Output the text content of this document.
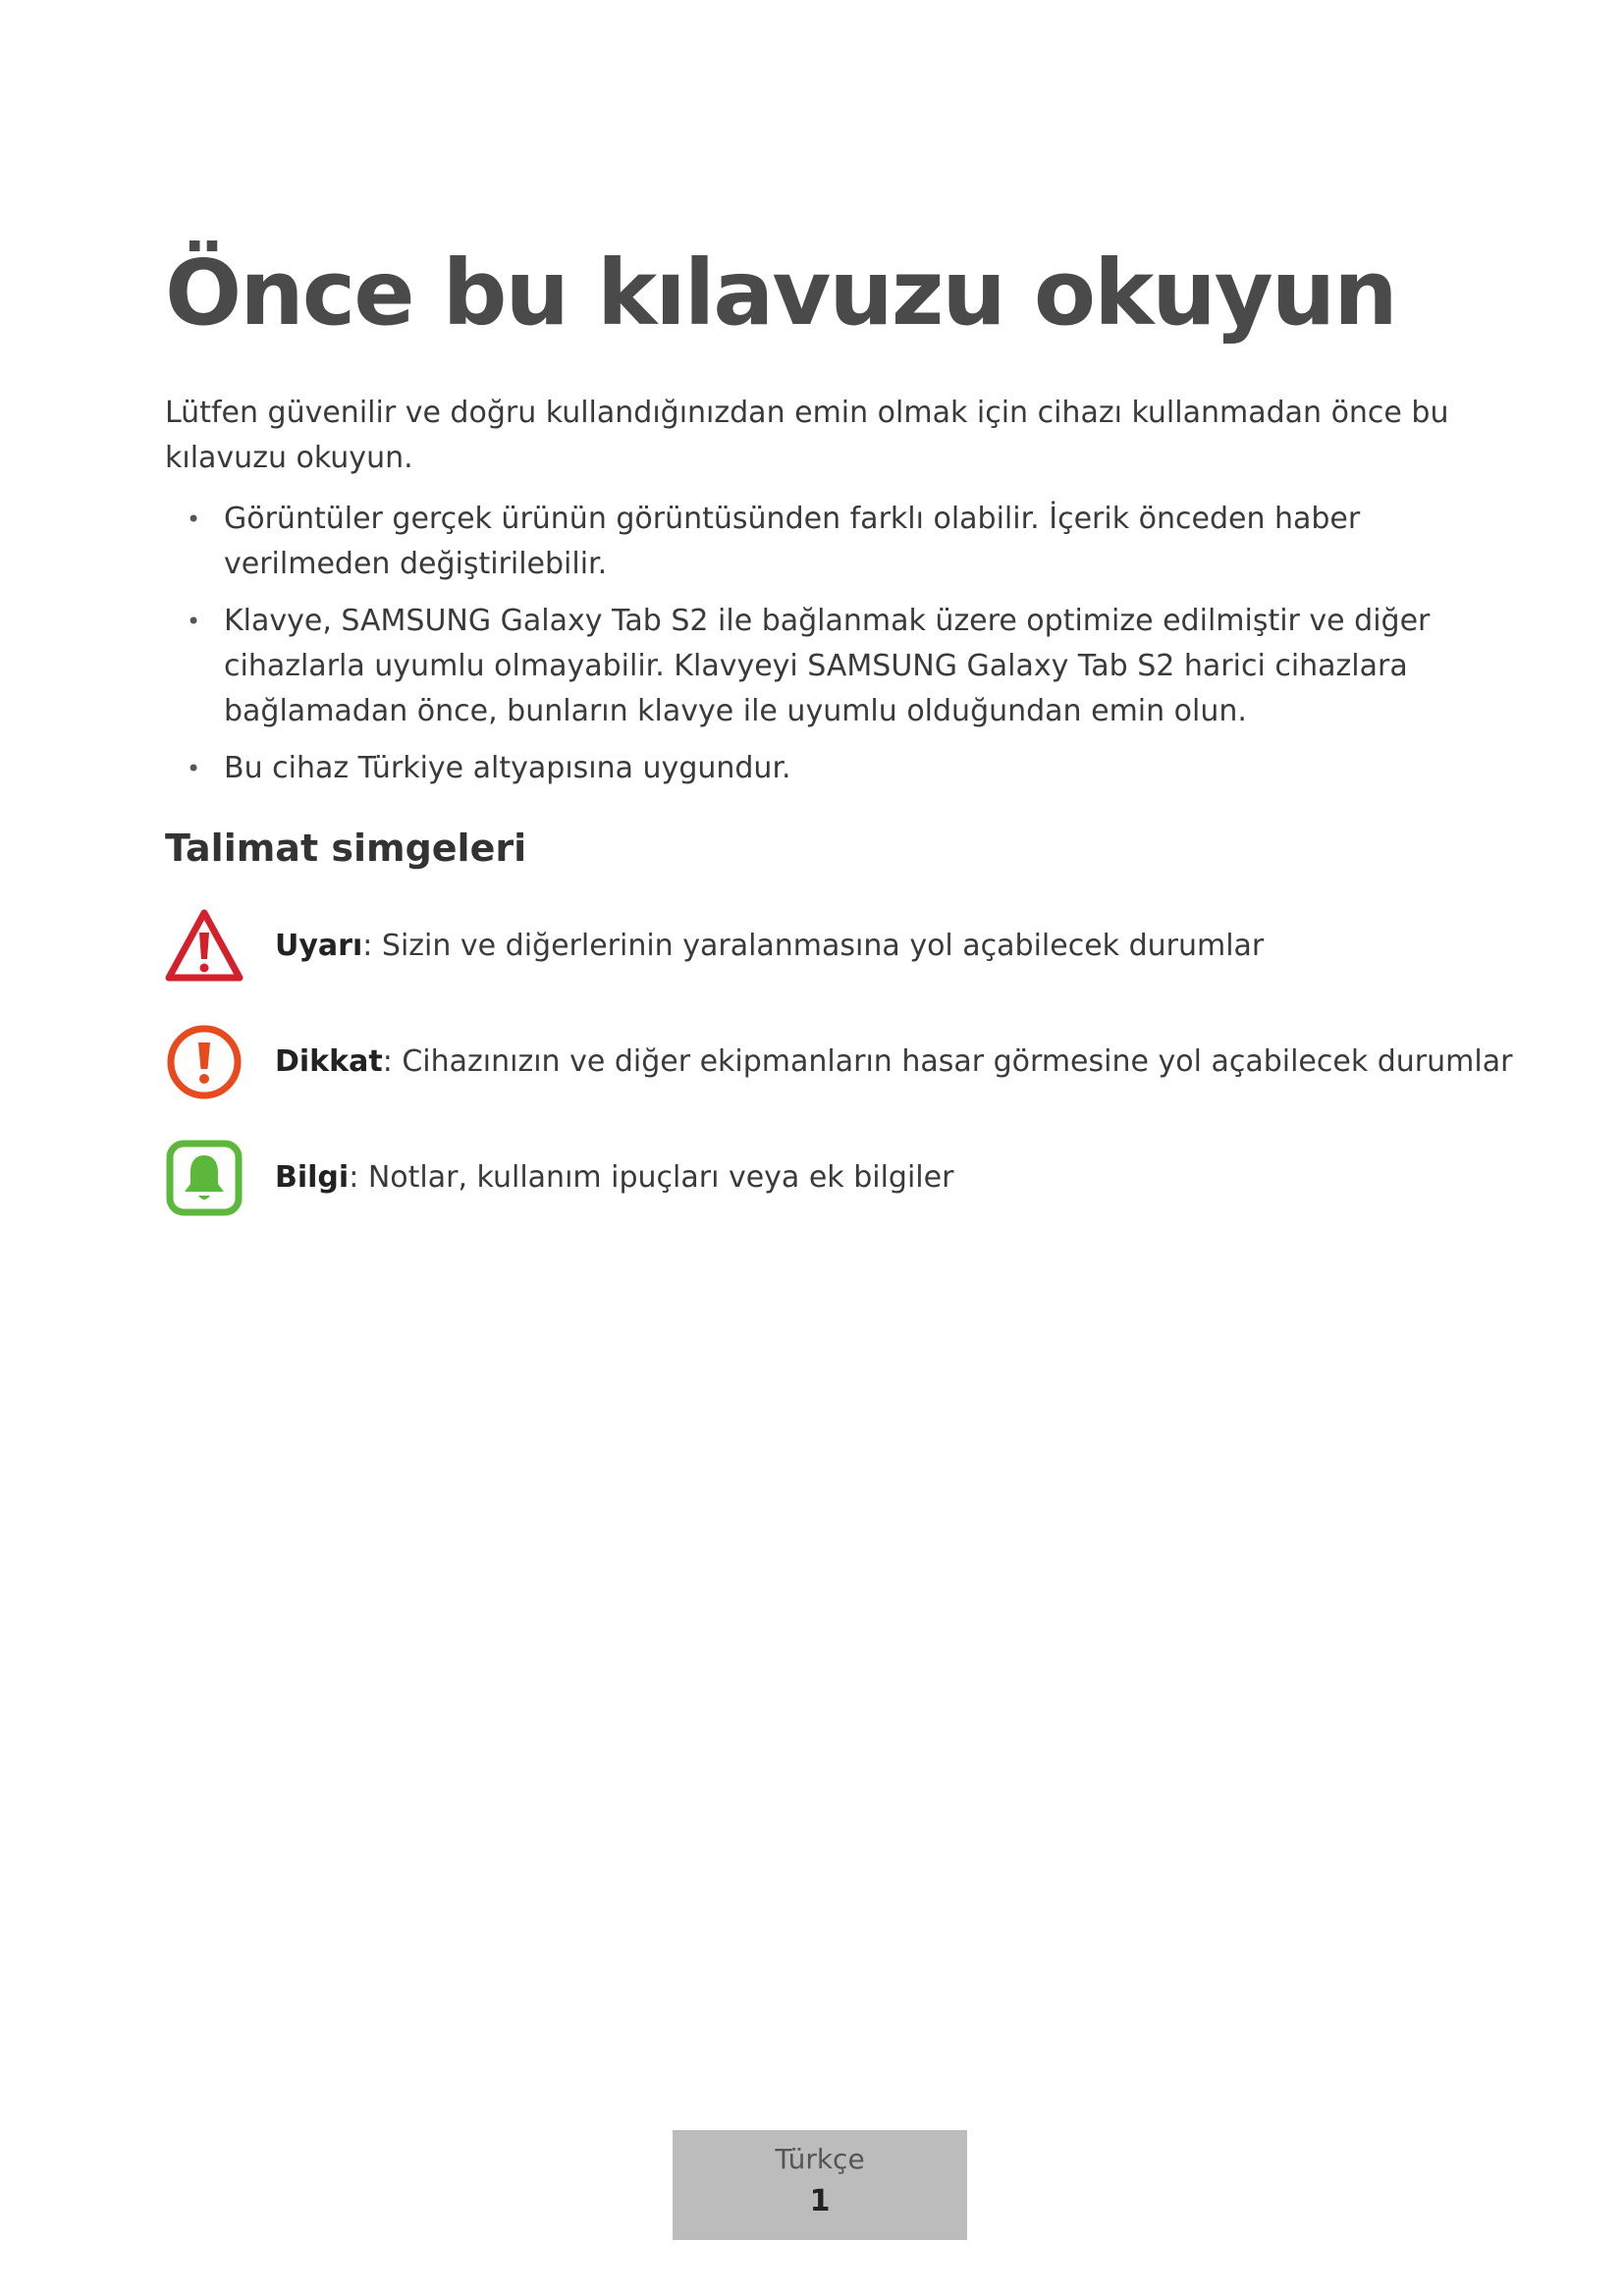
Önce bu kılavuzu okuyun

Lütfen güvenilir ve doğru kullandığınızdan emin olmak için cihazı kullanmadan önce bu kılavuzu okuyun.

• Görüntüler gerçek ürünün görüntüsünden farklı olabilir. İçerik önceden haber verilmeden değiştirilebilir.
• Klavye, SAMSUNG Galaxy Tab S2 ile bağlanmak üzere optimize edilmiştir ve diğer cihazlarla uyumlu olmayabilir. Klavyeyi SAMSUNG Galaxy Tab S2 harici cihazlara bağlamadan önce, bunların klavye ile uyumlu olduğundan emin olun.
• Bu cihaz Türkiye altyapısına uygundur.
Talimat simgeleri
Uyarı: Sizin ve diğerlerinin yaralanmasına yol açabilecek durumlar
Dikkat: Cihazınızın ve diğer ekipmanların hasar görmesine yol açabilecek durumlar
Bilgi: Notlar, kullanım ipuçları veya ek bilgiler
Türkçe
1
